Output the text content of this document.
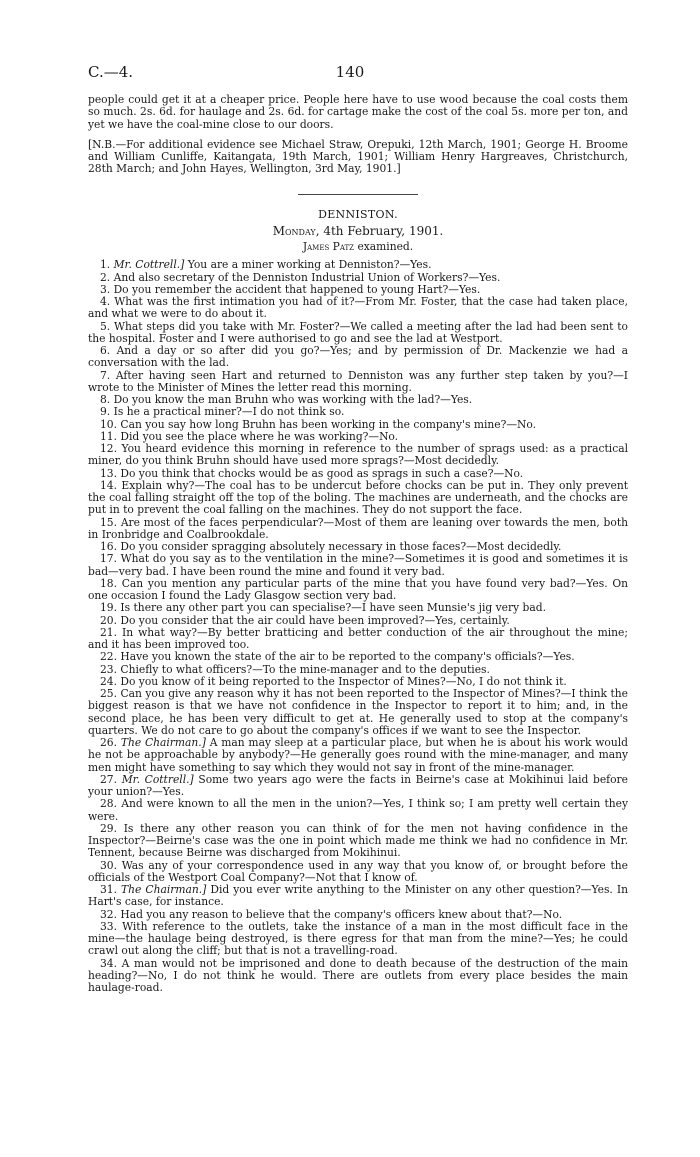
C.—4.	140

people could get it at a cheaper price. People here have to use wood because the coal costs them so much. 2s. 6d. for haulage and 2s. 6d. for cartage make the cost of the coal 5s. more per ton, and yet we have the coal-mine close to our doors.

[N.B.—For additional evidence see Michael Straw, Orepuki, 12th March, 1901; George H. Broome and William Cunliffe, Kaitangata, 19th March, 1901; William Henry Hargreaves, Christchurch, 28th March; and John Hayes, Wellington, 3rd May, 1901.]

DENNISTON.

Monday, 4th February, 1901.

James Patz examined.

1. Mr. Cottrell.] You are a miner working at Denniston?—Yes.

2. And also secretary of the Denniston Industrial Union of Workers?—Yes.

3. Do you remember the accident that happened to young Hart?—Yes.

4. What was the first intimation you had of it?—From Mr. Foster, that the case had taken place, and what we were to do about it.

5. What steps did you take with Mr. Foster?—We called a meeting after the lad had been sent to the hospital. Foster and I were authorised to go and see the lad at Westport.

6. And a day or so after did you go?—Yes; and by permission of Dr. Mackenzie we had a conversation with the lad.

7. After having seen Hart and returned to Denniston was any further step taken by you?—I wrote to the Minister of Mines the letter read this morning.

8. Do you know the man Bruhn who was working with the lad?—Yes.

9. Is he a practical miner?—I do not think so.

10. Can you say how long Bruhn has been working in the company's mine?—No.

11. Did you see the place where he was working?—No.

12. You heard evidence this morning in reference to the number of sprags used: as a practical miner, do you think Bruhn should have used more sprags?—Most decidedly.

13. Do you think that chocks would be as good as sprags in such a case?—No.

14. Explain why?—The coal has to be undercut before chocks can be put in. They only prevent the coal falling straight off the top of the boling. The machines are underneath, and the chocks are put in to prevent the coal falling on the machines. They do not support the face.

15. Are most of the faces perpendicular?—Most of them are leaning over towards the men, both in Ironbridge and Coalbrookdale.

16. Do you consider spragging absolutely necessary in those faces?—Most decidedly.

17. What do you say as to the ventilation in the mine?—Sometimes it is good and sometimes it is bad—very bad. I have been round the mine and found it very bad.

18. Can you mention any particular parts of the mine that you have found very bad?—Yes. On one occasion I found the Lady Glasgow section very bad.

19. Is there any other part you can specialise?—I have seen Munsie's jig very bad.

20. Do you consider that the air could have been improved?—Yes, certainly.

21. In what way?—By better bratticing and better conduction of the air throughout the mine; and it has been improved too.

22. Have you known the state of the air to be reported to the company's officials?—Yes.

23. Chiefly to what officers?—To the mine-manager and to the deputies.

24. Do you know of it being reported to the Inspector of Mines?—No, I do not think it.

25. Can you give any reason why it has not been reported to the Inspector of Mines?—I think the biggest reason is that we have not confidence in the Inspector to report it to him; and, in the second place, he has been very difficult to get at. He generally used to stop at the company's quarters. We do not care to go about the company's offices if we want to see the Inspector.

26. The Chairman.] A man may sleep at a particular place, but when he is about his work would he not be approachable by anybody?—He generally goes round with the mine-manager, and many men might have something to say which they would not say in front of the mine-manager.

27. Mr. Cottrell.] Some two years ago were the facts in Beirne's case at Mokihinui laid before your union?—Yes.

28. And were known to all the men in the union?—Yes, I think so; I am pretty well certain they were.

29. Is there any other reason you can think of for the men not having confidence in the Inspector?—Beirne's case was the one in point which made me think we had no confidence in Mr. Tennent, because Beirne was discharged from Mokihinui.

30. Was any of your correspondence used in any way that you know of, or brought before the officials of the Westport Coal Company?—Not that I know of.

31. The Chairman.] Did you ever write anything to the Minister on any other question?—Yes. In Hart's case, for instance.

32. Had you any reason to believe that the company's officers knew about that?—No.

33. With reference to the outlets, take the instance of a man in the most difficult face in the mine—the haulage being destroyed, is there egress for that man from the mine?—Yes; he could crawl out along the cliff; but that is not a travelling-road.

34. A man would not be imprisoned and done to death because of the destruction of the main heading?—No, I do not think he would. There are outlets from every place besides the main haulage-road.
